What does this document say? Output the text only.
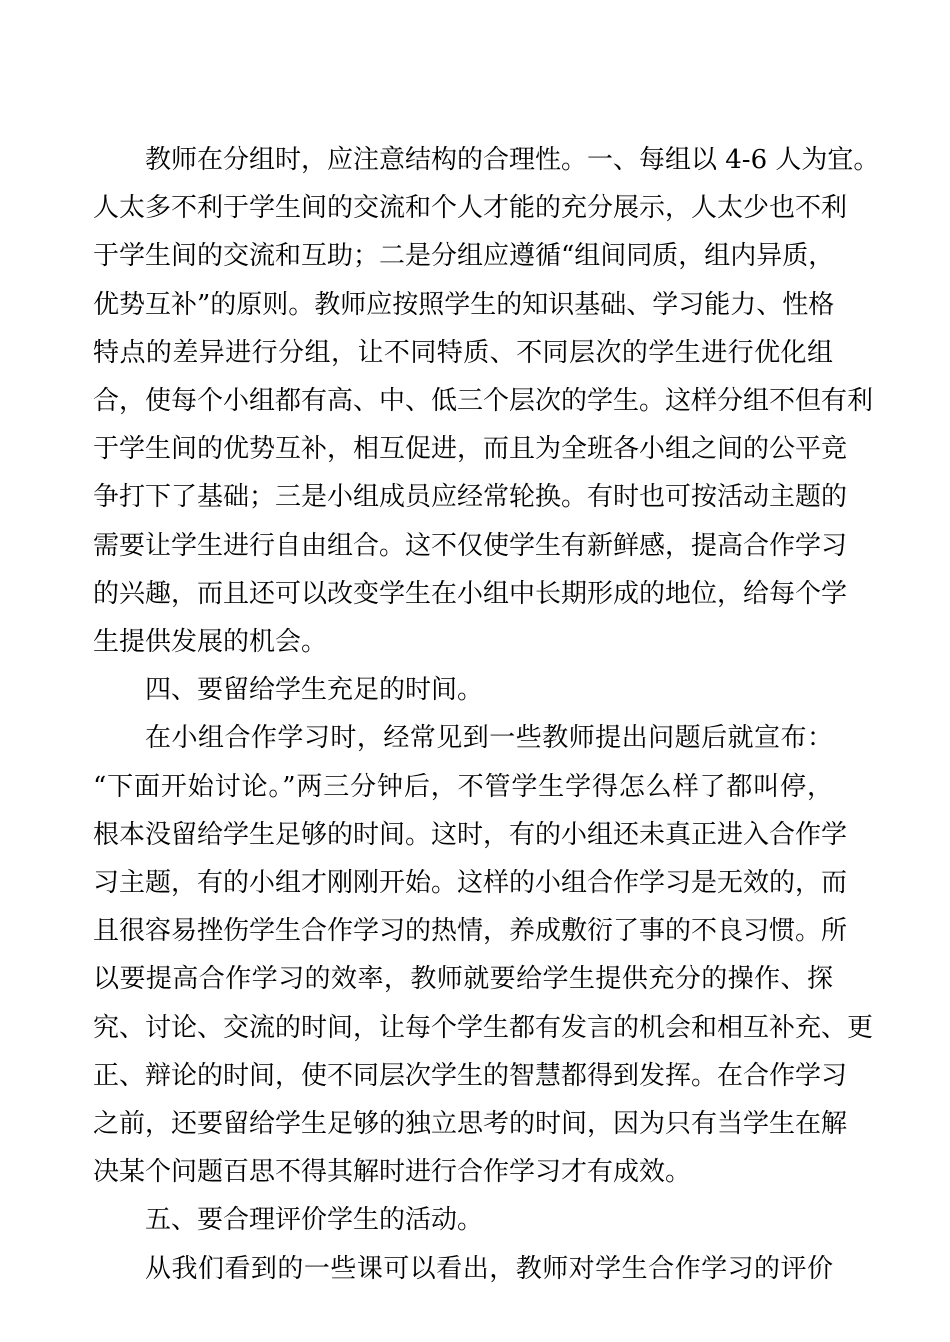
教师在分组时，应注意结构的合理性。一、每组以 4-6 人为宜。
人太多不利于学生间的交流和个人才能的充分展示，人太少也不利
于学生间的交流和互助；二是分组应遵循“组间同质，组内异质，
优势互补”的原则。教师应按照学生的知识基础、学习能力、性格
特点的差异进行分组，让不同特质、不同层次的学生进行优化组
合，使每个小组都有高、中、低三个层次的学生。这样分组不但有利
于学生间的优势互补，相互促进，而且为全班各小组之间的公平竞
争打下了基础；三是小组成员应经常轮换。有时也可按活动主题的
需要让学生进行自由组合。这不仅使学生有新鲜感，提高合作学习
的兴趣，而且还可以改变学生在小组中长期形成的地位，给每个学
生提供发展的机会。
四、要留给学生充足的时间。
在小组合作学习时，经常见到一些教师提出问题后就宣布：
“下面开始讨论。”两三分钟后，不管学生学得怎么样了都叫停，
根本没留给学生足够的时间。这时，有的小组还未真正进入合作学
习主题，有的小组才刚刚开始。这样的小组合作学习是无效的，而
且很容易挫伤学生合作学习的热情，养成敷衍了事的不良习惯。所
以要提高合作学习的效率，教师就要给学生提供充分的操作、探
究、讨论、交流的时间，让每个学生都有发言的机会和相互补充、更
正、辩论的时间，使不同层次学生的智慧都得到发挥。在合作学习
之前，还要留给学生足够的独立思考的时间，因为只有当学生在解
决某个问题百思不得其解时进行合作学习才有成效。
五、要合理评价学生的活动。
从我们看到的一些课可以看出，教师对学生合作学习的评价
